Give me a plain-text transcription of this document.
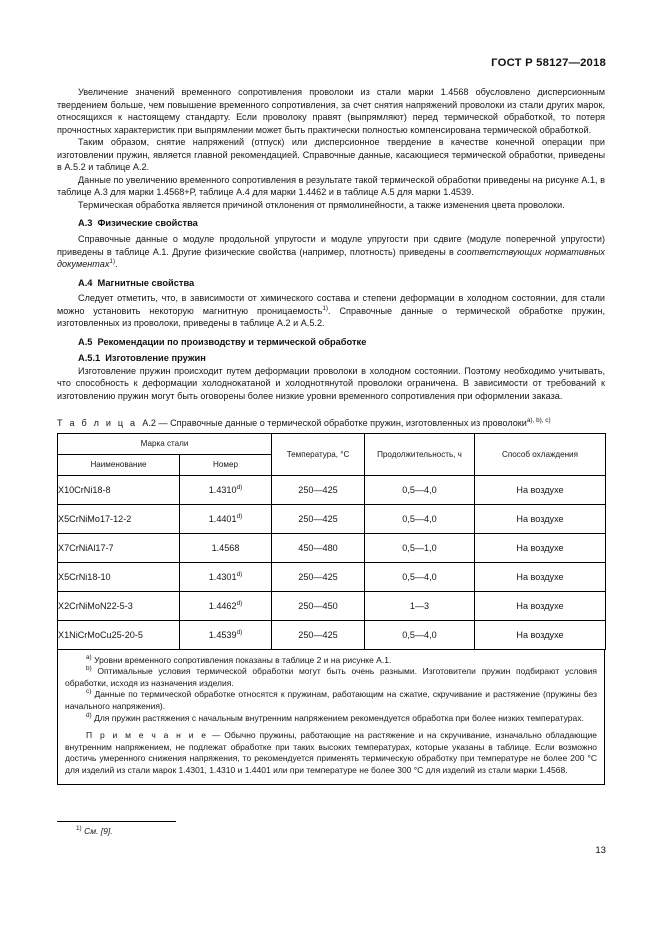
ГОСТ Р 58127—2018

Увеличение значений временного сопротивления проволоки из стали марки 1.4568 обусловлено дисперсионным твердением больше, чем повышение временного сопротивления, за счет снятия напряжений проволоки из стали других марок, относящихся к настоящему стандарту. Если проволоку правят (выпрямляют) перед термической обработкой, то потеря прочностных характеристик при выпрямлении может быть практически полностью компенсирована термической обработкой.

Таким образом, снятие напряжений (отпуск) или дисперсионное твердение в качестве конечной операции при изготовлении пружин, является главной рекомендацией. Справочные данные, касающиеся термической обработки, приведены в А.5.2 и таблице А.2.

Данные по увеличению временного сопротивления в результате такой термической обработки приведены на рисунке А.1, в таблице А.3 для марки 1.4568+Р, таблице А.4 для марки 1.4462 и в таблице А.5 для марки 1.4539.

Термическая обработка является причиной отклонения от прямолинейности, а также изменения цвета проволоки.

А.3 Физические свойства

Справочные данные о модуле продольной упругости и модуле упругости при сдвиге (модуле поперечной упругости) приведены в таблице А.1. Другие физические свойства (например, плотность) приведены в соответствующих нормативных документах$^{1)}$.

А.4 Магнитные свойства

Следует отметить, что, в зависимости от химического состава и степени деформации в холодном состоянии, для стали можно установить некоторую магнитную проницаемость$^{1)}$. Справочные данные о термической обработке пружин, изготовленных из проволоки, приведены в таблице А.2 и А.5.2.

А.5 Рекомендации по производству и термической обработке
А.5.1 Изготовление пружин

Изготовление пружин происходит путем деформации проволоки в холодном состоянии. Поэтому необходимо учитывать, что способность к деформации холоднокатаной и холоднотянутой проволоки ограничена. В зависимости от требований к изготовлению пружин могут быть оговорены более низкие уровни временного сопротивления при оформлении заказа.

Т а б л и ц а А.2 — Справочные данные о термической обработке пружин, изготовленных из проволоки$^{a), b), c)}$

Марка стали		Температура, °С	Продолжительность, ч	Способ охлаждения
Наименование	Номер			
X10CrNi18-8	1.4310$^{d)}$	250—425	0,5—4,0	На воздухе
X5CrNiMo17-12-2	1.4401$^{d)}$	250—425	0,5—4,0	На воздухе
X7CrNiAl17-7	1.4568	450—480	0,5—1,0	На воздухе
X5CrNi18-10	1.4301$^{d)}$	250—425	0,5—4,0	На воздухе
X2CrNiMoN22-5-3	1.4462$^{d)}$	250—450	1—3	На воздухе
X1NiCrMoCu25-20-5	1.4539$^{d)}$	250—425	0,5—4,0	На воздухе

$^{a)}$ Уровни временного сопротивления показаны в таблице 2 и на рисунке А.1.

$^{b)}$ Оптимальные условия термической обработки могут быть очень разными. Изготовители пружин подбирают условия обработки, исходя из назначения изделия.

$^{c)}$ Данные по термической обработке относятся к пружинам, работающим на сжатие, скручивание и растяжение (пружины без начального напряжения).

$^{d)}$ Для пружин растяжения с начальным внутренним напряжением рекомендуется обработка при более низких температурах.

П р и м е ч а н и е — Обычно пружины, работающие на растяжение и на скручивание, изначально обладающие внутренним напряжением, не подлежат обработке при таких высоких температурах, которые указаны в таблице. Если возможно достичь умеренного снижения напряжения, то рекомендуется применять термическую обработку при температуре не более 200 °С для изделий из стали марок 1.4301, 1.4310 и 1.4401 или при температуре не более 300 °С для изделий из стали марки 1.4568.

$^{1)}$ См. [9].
13
